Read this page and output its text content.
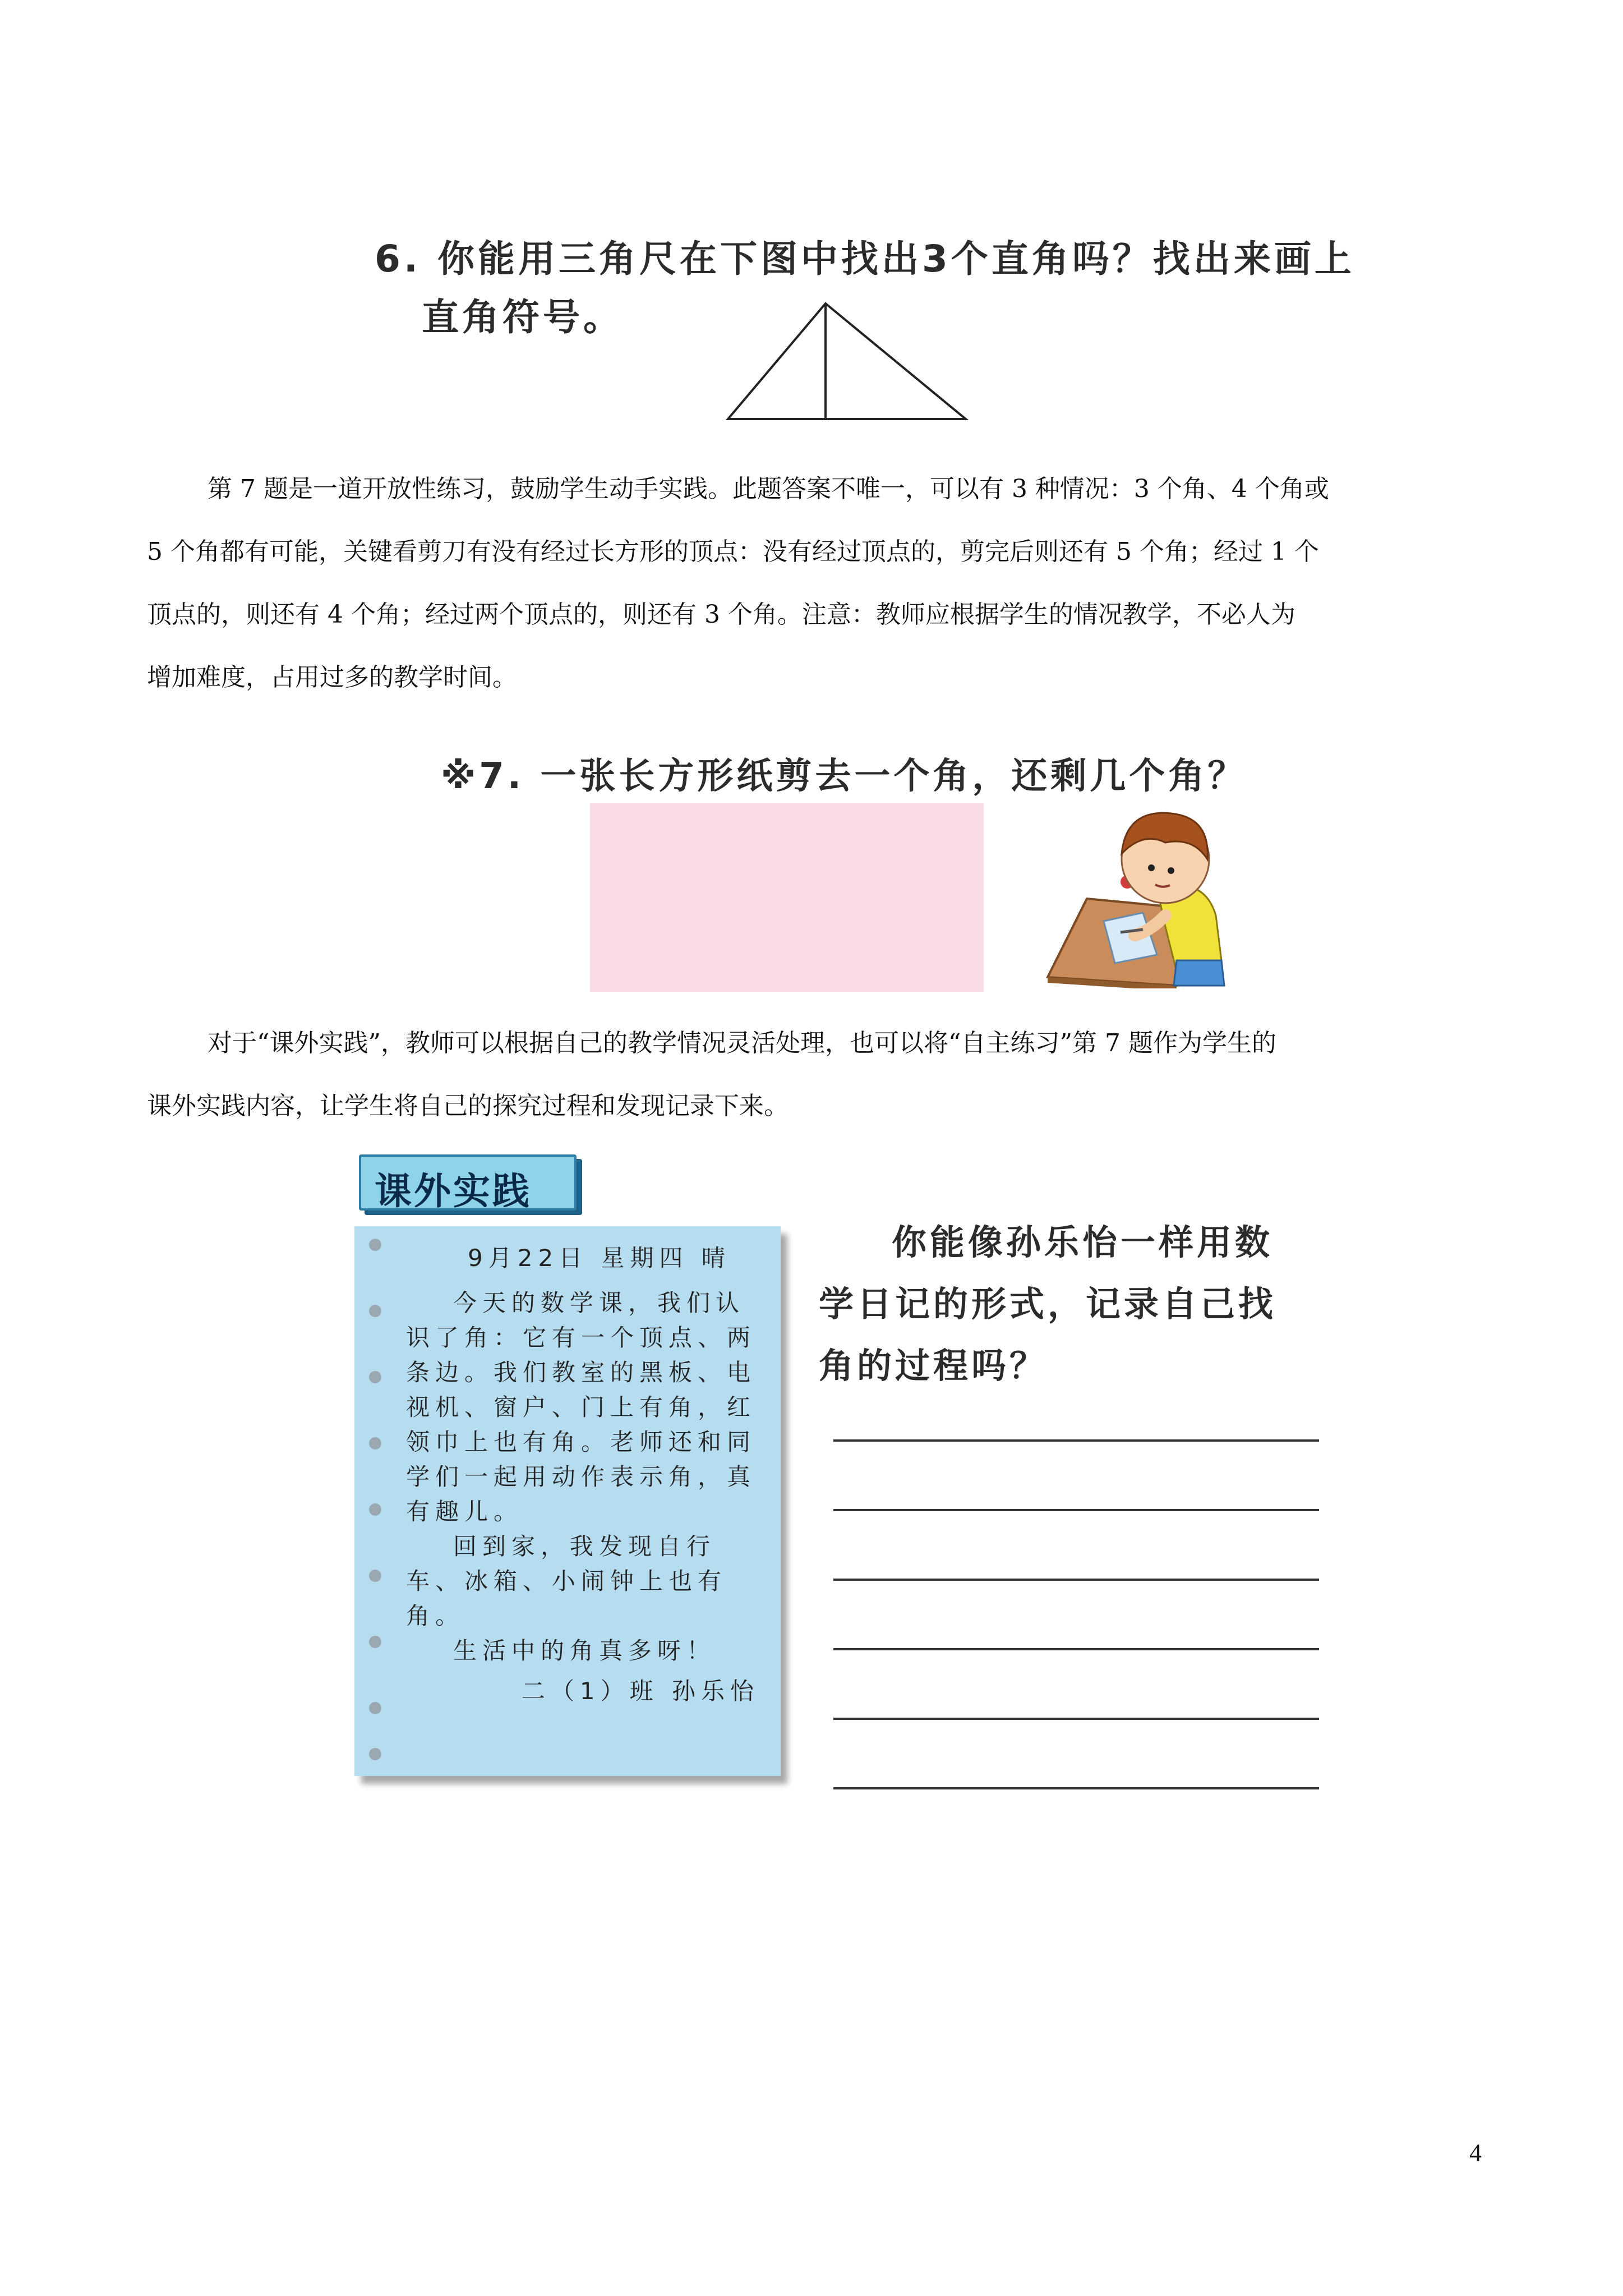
6. 你能用三角尺在下图中找出3个直角吗？找出来画上
直角符号。
第 7 题是一道开放性练习，鼓励学生动手实践。此题答案不唯一，可以有 3 种情况：3 个角、4 个角或
5 个角都有可能，关键看剪刀有没有经过长方形的顶点：没有经过顶点的，剪完后则还有 5 个角；经过 1 个
顶点的，则还有 4 个角；经过两个顶点的，则还有 3 个角。注意：教师应根据学生的情况教学，不必人为
增加难度，占用过多的教学时间。
※7. 一张长方形纸剪去一个角，还剩几个角？
对于“课外实践”，教师可以根据自己的教学情况灵活处理，也可以将“自主练习”第 7 题作为学生的
课外实践内容，让学生将自己的探究过程和发现记录下来。
课外实践
9月22日 星期四 晴

今天的数学课，我们认识了角：它有一个顶点、两条边。我们教室的黑板、电视机、窗户、门上有角，红领巾上也有角。老师还和同学们一起用动作表示角，真有趣儿。

回到家，我发现自行车、冰箱、小闹钟上也有角。

生活中的角真多呀！

二（1）班 孙乐怡
你能像孙乐怡一样用数
学日记的形式，记录自己找
角的过程吗？
4
